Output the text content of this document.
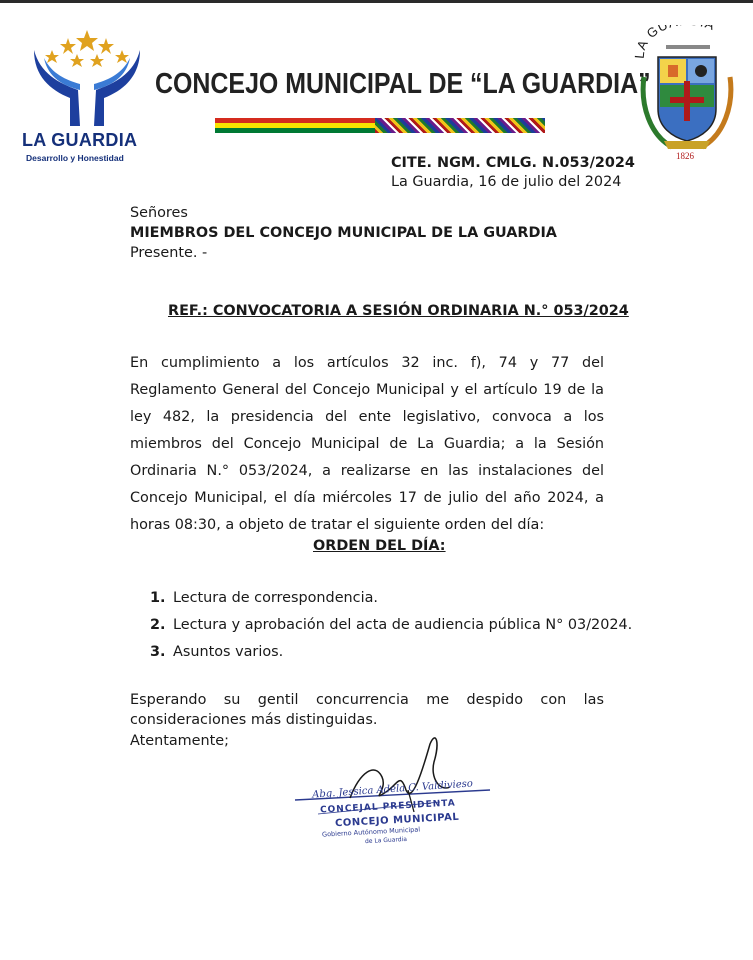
LA GUARDIA
Desarrollo y Honestidad
CONCEJO MUNICIPAL DE “LA GUARDIA”
LA GU
1826
CITE. NGM. CMLG. N.053/2024
La Guardia, 16 de julio del 2024
Señores
MIEMBROS DEL CONCEJO MUNICIPAL DE LA GUARDIA
Presente. -
REF.: CONVOCATORIA A SESIÓN ORDINARIA N.° 053/2024
En cumplimiento a los artículos 32 inc. f), 74 y 77 del Reglamento General del Concejo Municipal y el artículo 19 de la ley 482, la presidencia del ente legislativo, convoca a los miembros del Concejo Municipal de La Guardia; a la Sesión Ordinaria N.° 053/2024, a realizarse en las instalaciones del Concejo Municipal, el día miércoles 17 de julio del año 2024, a horas 08:30, a objeto de tratar el siguiente orden del día:
ORDEN DEL DÍA:
1. Lectura de correspondencia.
2. Lectura y aprobación del acta de audiencia pública N° 03/2024.
3. Asuntos varios.
Esperando su gentil concurrencia me despido con las consideraciones más distinguidas.
Atentamente;
Abg. Jessica Adela C. Valdivieso
CONCEJAL PRESIDENTA
CONCEJO MUNICIPAL
Gobierno Autónomo Municipal
de La Guardia
